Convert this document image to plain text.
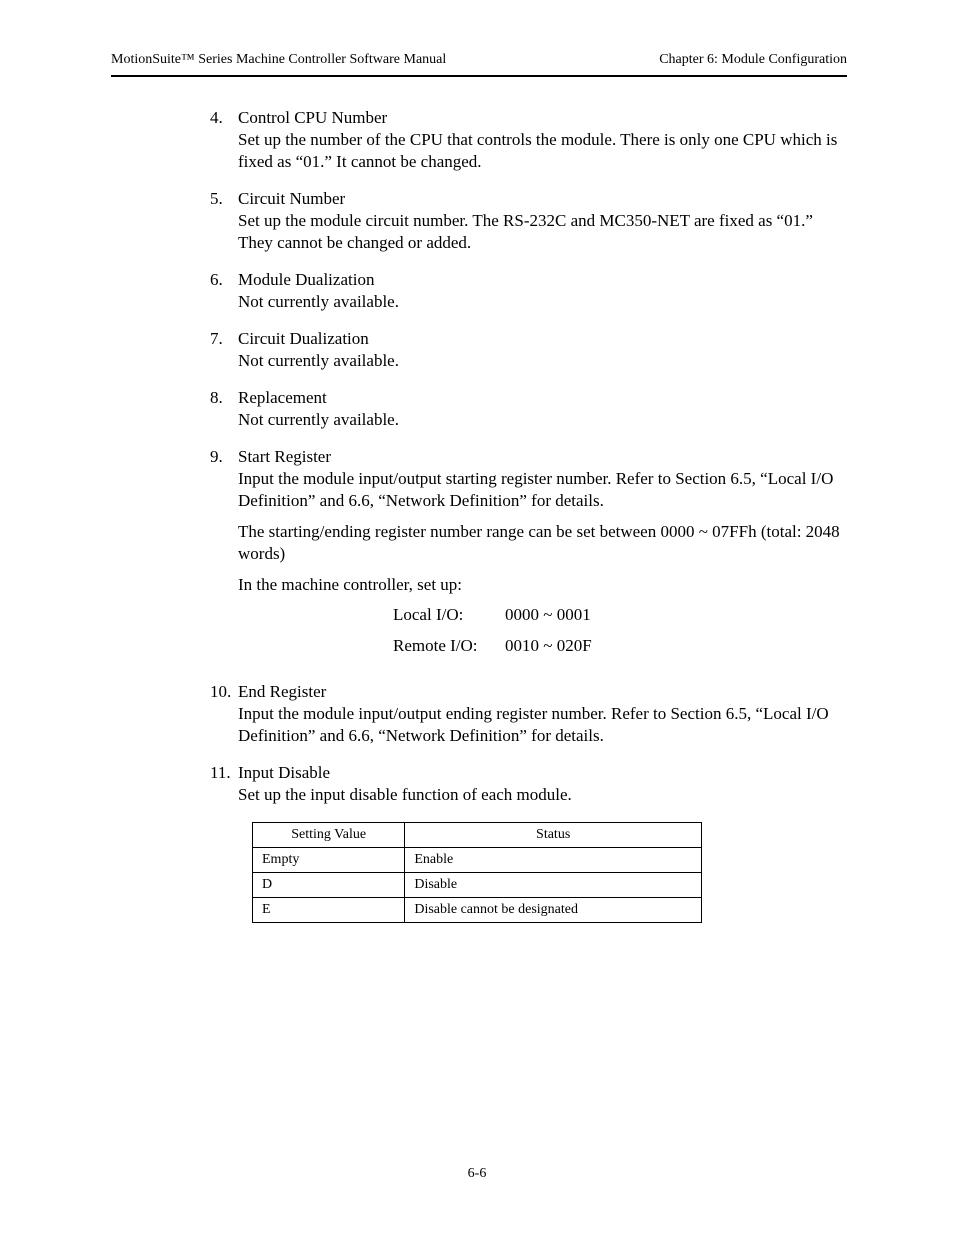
MotionSuite™ Series Machine Controller Software Manual	Chapter 6: Module Configuration
4. Control CPU Number

Set up the number of the CPU that controls the module. There is only one CPU which is fixed as “01.” It cannot be changed.

5. Circuit Number

Set up the module circuit number. The RS-232C and MC350-NET are fixed as “01.” They cannot be changed or added.

6. Module Dualization

Not currently available.

7. Circuit Dualization

Not currently available.

8. Replacement

Not currently available.

9. Start Register

Input the module input/output starting register number. Refer to Section 6.5, “Local I/O Definition” and 6.6, “Network Definition” for details.

The starting/ending register number range can be set between 0000 ~ 07FFh (total: 2048 words)

In the machine controller, set up:

Local I/O: 0000 ~ 0001
Remote I/O: 0010 ~ 020F
10. End Register

Input the module input/output ending register number. Refer to Section 6.5, “Local I/O Definition” and 6.6, “Network Definition” for details.

11. Input Disable

Set up the input disable function of each module.

Setting Value	Status
Empty	Enable
D	Disable
E	Disable cannot be designated
6-6
